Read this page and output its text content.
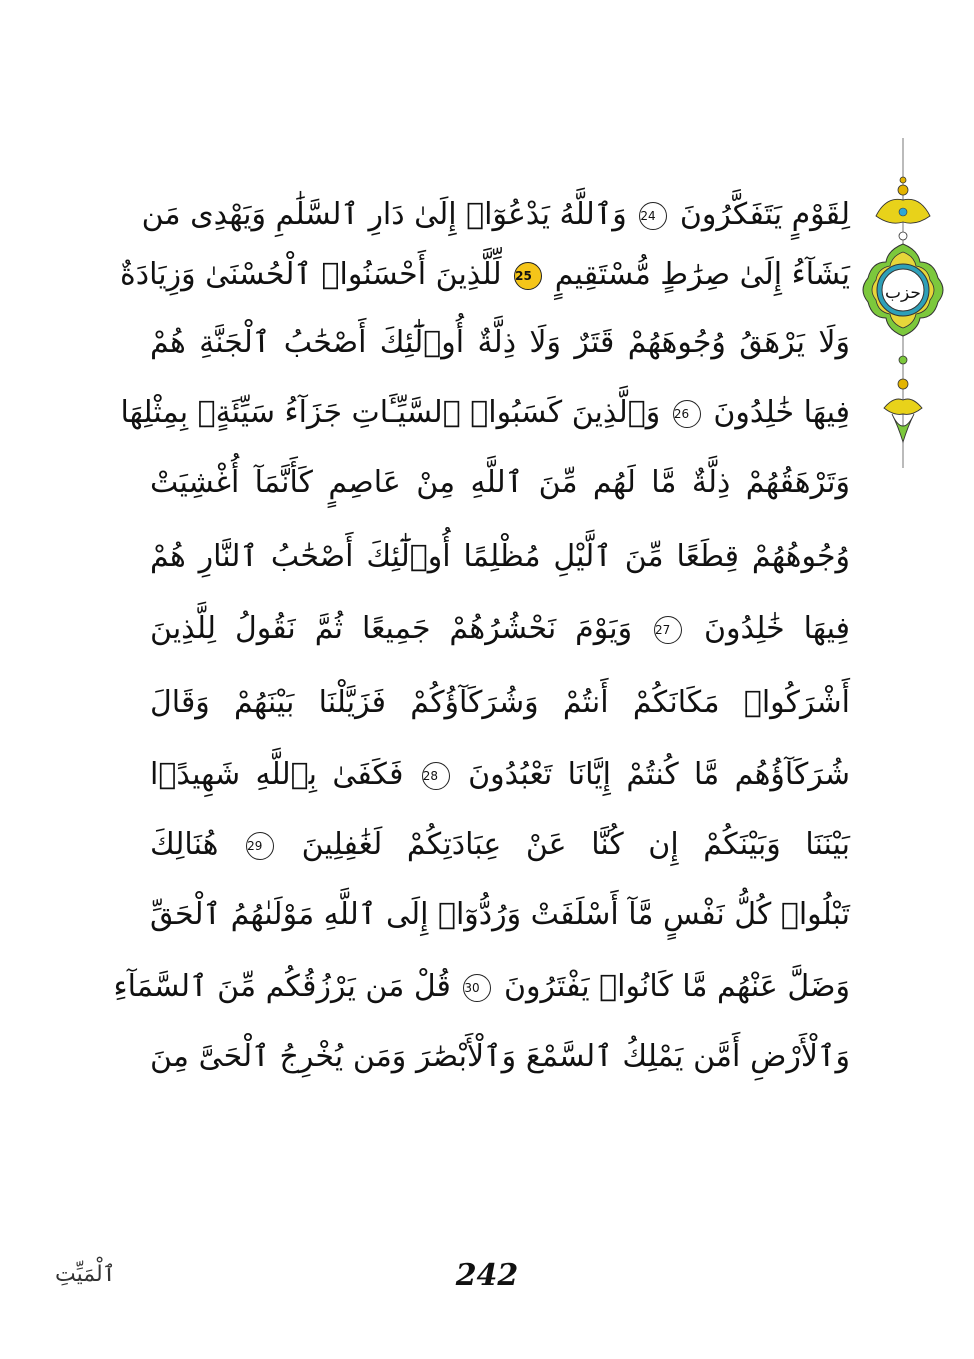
لِقَوْمٍ يَتَفَكَّرُونَ 24 وَٱللَّهُ يَدْعُوٓا۟ إِلَىٰ دَارِ ٱلسَّلَٰمِ وَيَهْدِى مَن
يَشَآءُ إِلَىٰ صِرَٰطٍ مُّسْتَقِيمٍ 25 لِّلَّذِينَ أَحْسَنُوا۟ ٱلْحُسْنَىٰ وَزِيَادَةٌ
وَلَا يَرْهَقُ وُجُوهَهُمْ قَتَرٌ وَلَا ذِلَّةٌ أُو۟لَٰٓئِكَ أَصْحَٰبُ ٱلْجَنَّةِ هُمْ
فِيهَا خَٰلِدُونَ 26 وَٱلَّذِينَ كَسَبُوا۟ ٱلسَّيِّـَٔاتِ جَزَآءُ سَيِّئَةٍۭ بِمِثْلِهَا
وَتَرْهَقُهُمْ ذِلَّةٌ مَّا لَهُم مِّنَ ٱللَّهِ مِنْ عَاصِمٍ كَأَنَّمَآ أُغْشِيَتْ
وُجُوهُهُمْ قِطَعًا مِّنَ ٱلَّيْلِ مُظْلِمًا أُو۟لَٰٓئِكَ أَصْحَٰبُ ٱلنَّارِ هُمْ
فِيهَا خَٰلِدُونَ 27 وَيَوْمَ نَحْشُرُهُمْ جَمِيعًا ثُمَّ نَقُولُ لِلَّذِينَ
أَشْرَكُوا۟ مَكَانَكُمْ أَنتُمْ وَشُرَكَآؤُكُمْ فَزَيَّلْنَا بَيْنَهُمْ وَقَالَ
شُرَكَآؤُهُم مَّا كُنتُمْ إِيَّانَا تَعْبُدُونَ 28 فَكَفَىٰ بِٱللَّهِ شَهِيدًۢا
بَيْنَنَا وَبَيْنَكُمْ إِن كُنَّا عَنْ عِبَادَتِكُمْ لَغَٰفِلِينَ 29 هُنَالِكَ
تَبْلُوا۟ كُلُّ نَفْسٍ مَّآ أَسْلَفَتْ وَرُدُّوٓا۟ إِلَى ٱللَّهِ مَوْلَىٰهُمُ ٱلْحَقِّ
وَضَلَّ عَنْهُم مَّا كَانُوا۟ يَفْتَرُونَ 30 قُلْ مَن يَرْزُقُكُم مِّنَ ٱلسَّمَآءِ
وَٱلْأَرْضِ أَمَّن يَمْلِكُ ٱلسَّمْعَ وَٱلْأَبْصَٰرَ وَمَن يُخْرِجُ ٱلْحَىَّ مِنَ
حزب
242
ٱلْمَيِّتِ
